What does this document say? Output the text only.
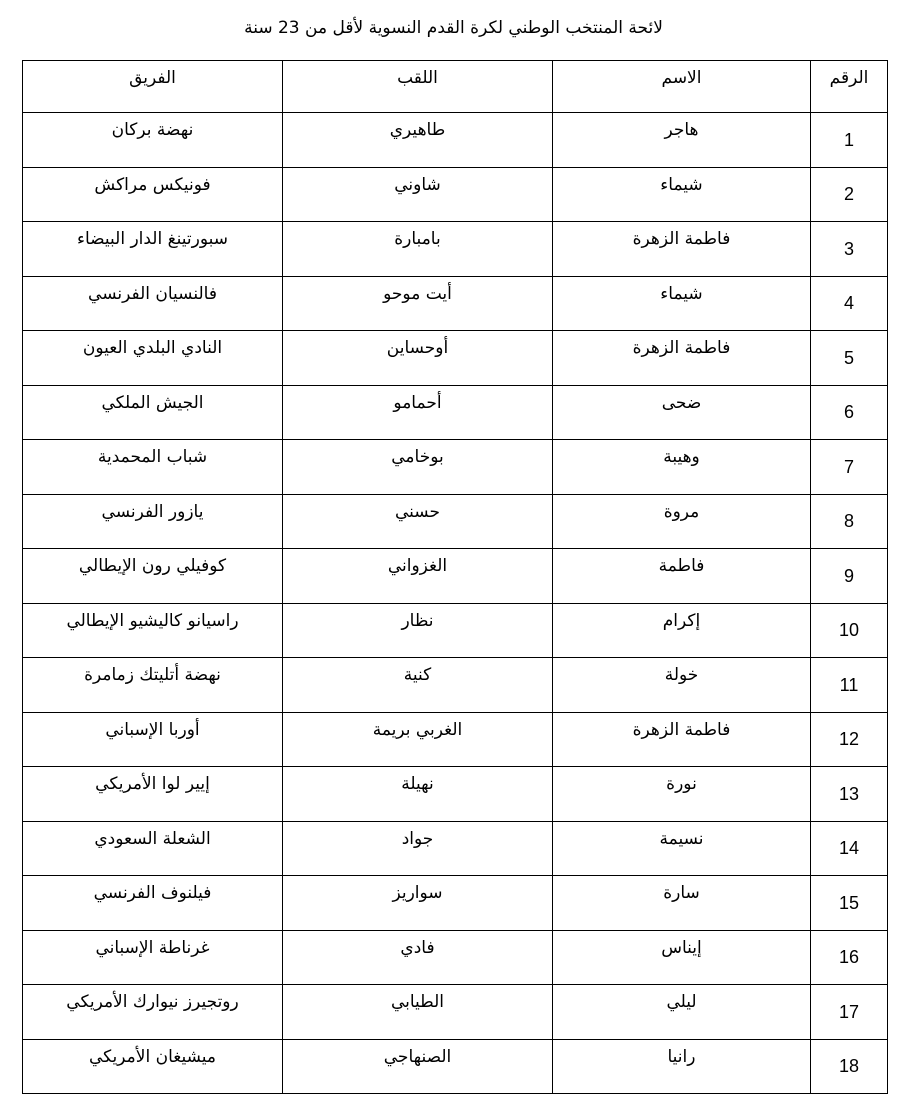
لائحة المنتخب الوطني لكرة القدم النسوية لأقل من 23 سنة
الرقم	الاسم	اللقب	الفريق
1	هاجر	طاهيري	نهضة بركان
2	شيماء	شاوني	فونيكس مراكش
3	فاطمة الزهرة	بامبارة	سبورتينغ الدار البيضاء
4	شيماء	أيت موحو	فالنسيان الفرنسي
5	فاطمة الزهرة	أوحساين	النادي البلدي العيون
6	ضحى	أحمامو	الجيش الملكي
7	وهيبة	بوخامي	شباب المحمدية
8	مروة	حسني	يازور الفرنسي
9	فاطمة	الغزواني	كوفيلي رون الإيطالي
10	إكرام	نظار	راسيانو كاليشيو الإيطالي
11	خولة	كنية	نهضة أتليتك زمامرة
12	فاطمة الزهرة	الغربي بريمة	أوربا الإسباني
13	نورة	نهيلة	إيير لوا الأمريكي
14	نسيمة	جواد	الشعلة السعودي
15	سارة	سواريز	فيلنوف الفرنسي
16	إيناس	فادي	غرناطة الإسباني
17	ليلي	الطيابي	روتجيرز نيوارك الأمريكي
18	رانيا	الصنهاجي	ميشيغان الأمريكي
